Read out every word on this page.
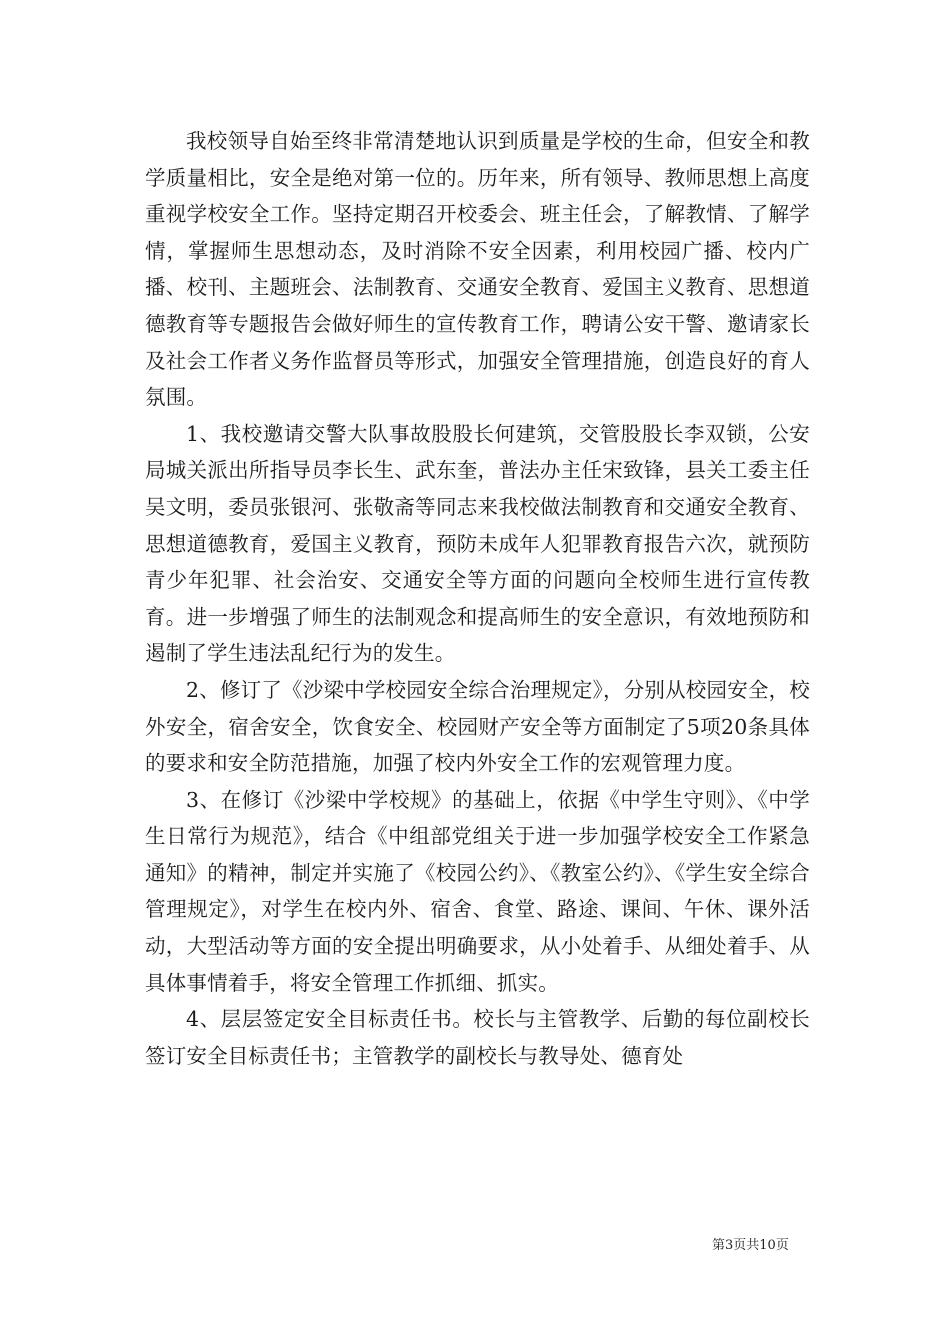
我校领导自始至终非常清楚地认识到质量是学校的生命，但安全和教学质量相比，安全是绝对第一位的。历年来，所有领导、教师思想上高度重视学校安全工作。坚持定期召开校委会、班主任会，了解教情、了解学情，掌握师生思想动态，及时消除不安全因素，利用校园广播、校内广播、校刊、主题班会、法制教育、交通安全教育、爱国主义教育、思想道德教育等专题报告会做好师生的宣传教育工作，聘请公安干警、邀请家长及社会工作者义务作监督员等形式，加强安全管理措施，创造良好的育人氛围。

1、我校邀请交警大队事故股股长何建筑，交管股股长李双锁，公安局城关派出所指导员李长生、武东奎，普法办主任宋致锋，县关工委主任吴文明，委员张银河、张敬斋等同志来我校做法制教育和交通安全教育、思想道德教育，爱国主义教育，预防未成年人犯罪教育报告六次，就预防青少年犯罪、社会治安、交通安全等方面的问题向全校师生进行宣传教育。进一步增强了师生的法制观念和提高师生的安全意识，有效地预防和遏制了学生违法乱纪行为的发生。

2、修订了《沙梁中学校园安全综合治理规定》，分别从校园安全，校外安全，宿舍安全，饮食安全、校园财产安全等方面制定了5项20条具体的要求和安全防范措施，加强了校内外安全工作的宏观管理力度。

3、在修订《沙梁中学校规》的基础上，依据《中学生守则》、《中学生日常行为规范》，结合《中组部党组关于进一步加强学校安全工作紧急通知》的精神，制定并实施了《校园公约》、《教室公约》、《学生安全综合管理规定》，对学生在校内外、宿舍、食堂、路途、课间、午休、课外活动，大型活动等方面的安全提出明确要求，从小处着手、从细处着手、从具体事情着手，将安全管理工作抓细、抓实。

4、层层签定安全目标责任书。校长与主管教学、后勤的每位副校长签订安全目标责任书；主管教学的副校长与教导处、德育处

第3页共10页
